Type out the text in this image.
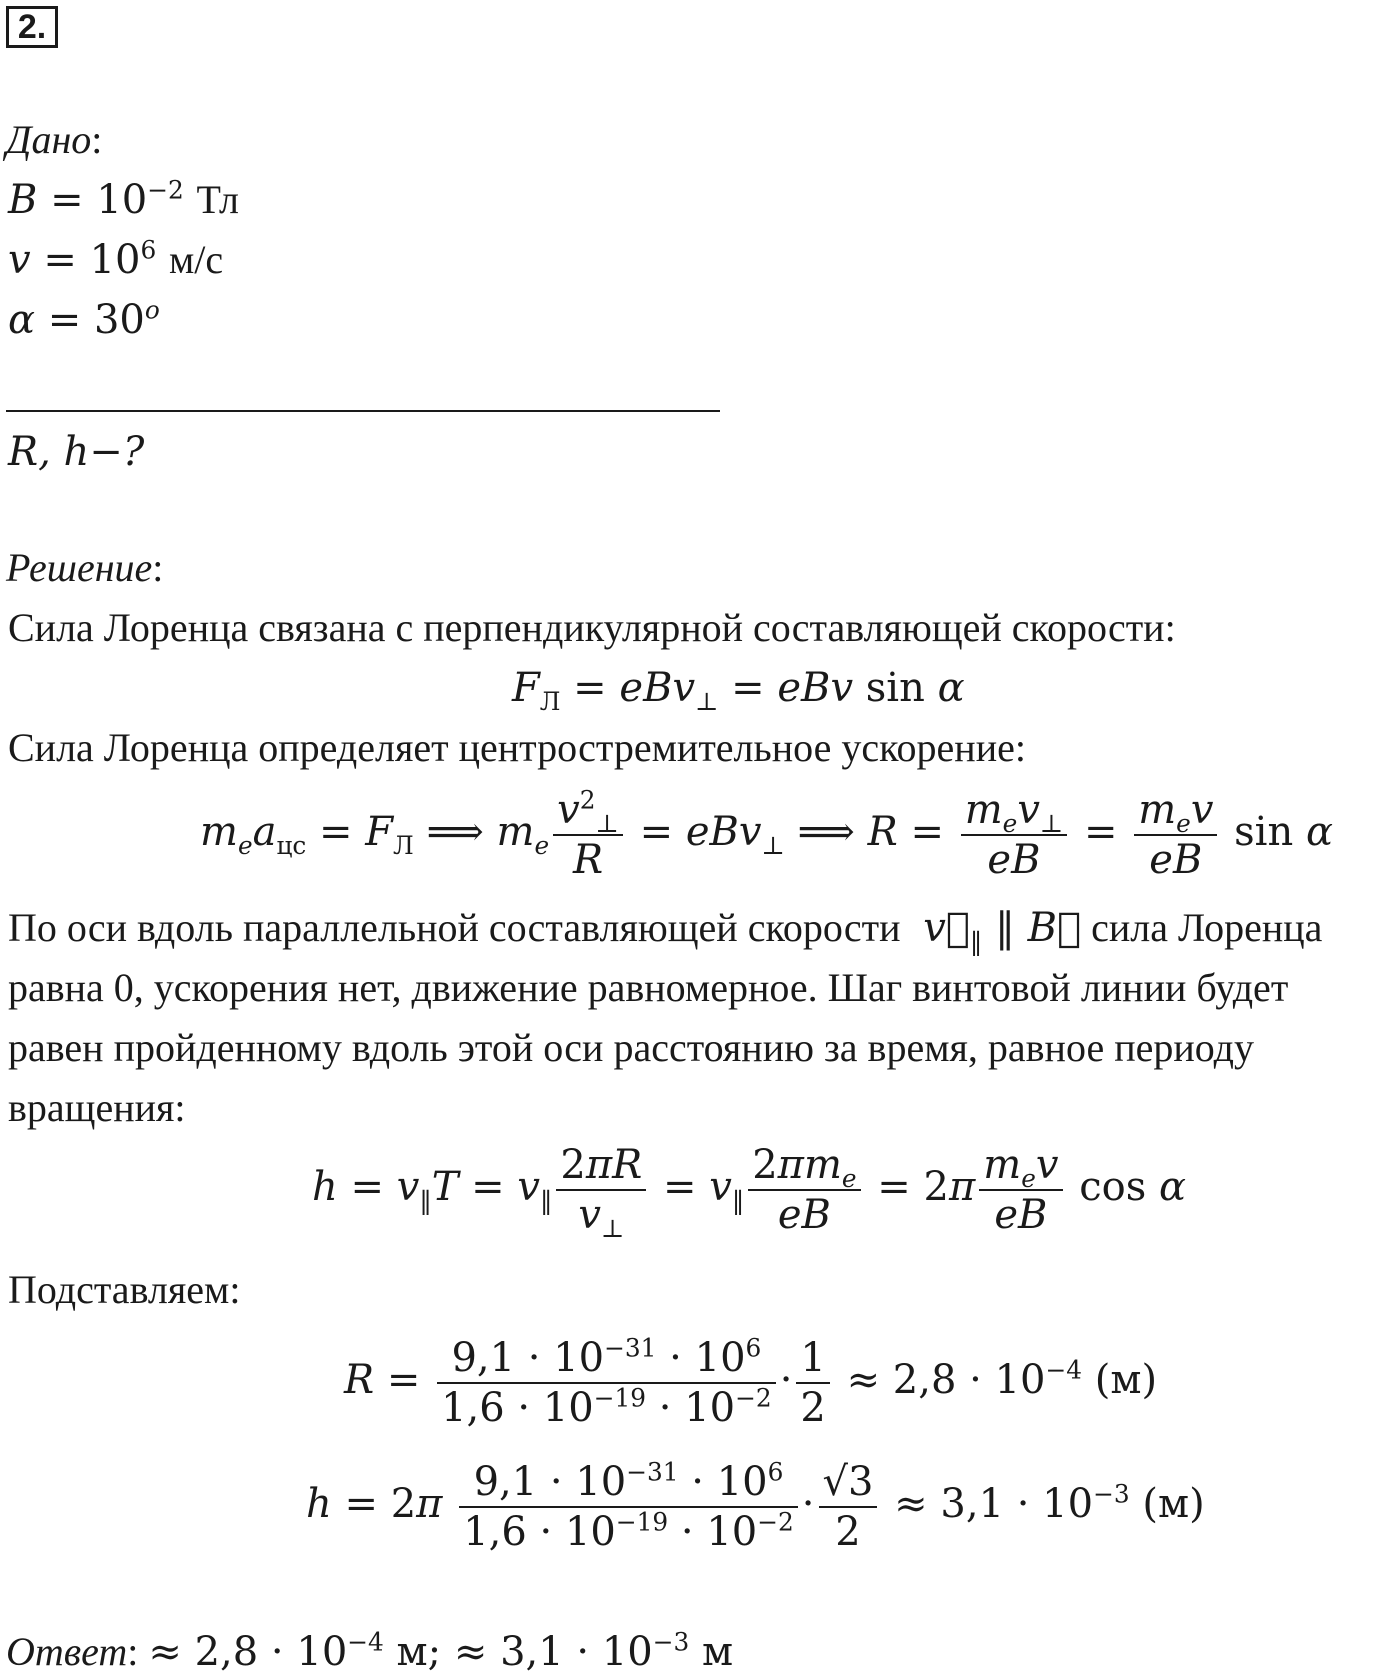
2.
Дано:
$B = 10^{-2}$ Тл
$v = 10^6$ м/с
$\alpha = 30^o$
R, h−?
Решение:
Сила Лоренца связана с перпендикулярной составляющей скорости:
$F_Л = eBv_\perp$ = eBv sin α
Сила Лоренца определяет центростремительное ускорение:
$m_ea_{цс} = F_Л$ ⟹ $m_e \frac{v^2_\perp}{R} = eBv_\perp$ ⟹ $R = \frac{m_ev_\perp}{eB} = \frac{m_ev}{eB}$ sin α
По оси вдоль параллельной составляющей скорости $v⃗_‖$ ‖ B⃗ сила Лоренца
равна 0, ускорения нет, движение равномерное. Шаг винтовой линии будет
равен пройденному вдоль этой оси расстоянию за время, равное периоду
вращения:
$h = v_‖T = v_‖ \frac{2\pi R}{v_\perp} = v_‖ \frac{2\pi m_e}{eB} = 2\pi \frac{m_ev}{eB}$ cos α
Подставляем:
$R = \frac{9,1 \cdot 10^{-31} \cdot 10^6}{1,6 \cdot 10^{-19} \cdot 10^{-2}} \cdot \frac{1}{2} \approx 2,8 \cdot 10^{-4}$ (м)
$h = 2\pi \frac{9,1 \cdot 10^{-31} \cdot 10^6}{1,6 \cdot 10^{-19} \cdot 10^{-2}} \cdot \frac{√3}{2} \approx 3,1 \cdot 10^{-3}$ (м)
Ответ: ≈ $2,8 \cdot 10^{-4}$ м; ≈ $3,1 \cdot 10^{-3}$ м
